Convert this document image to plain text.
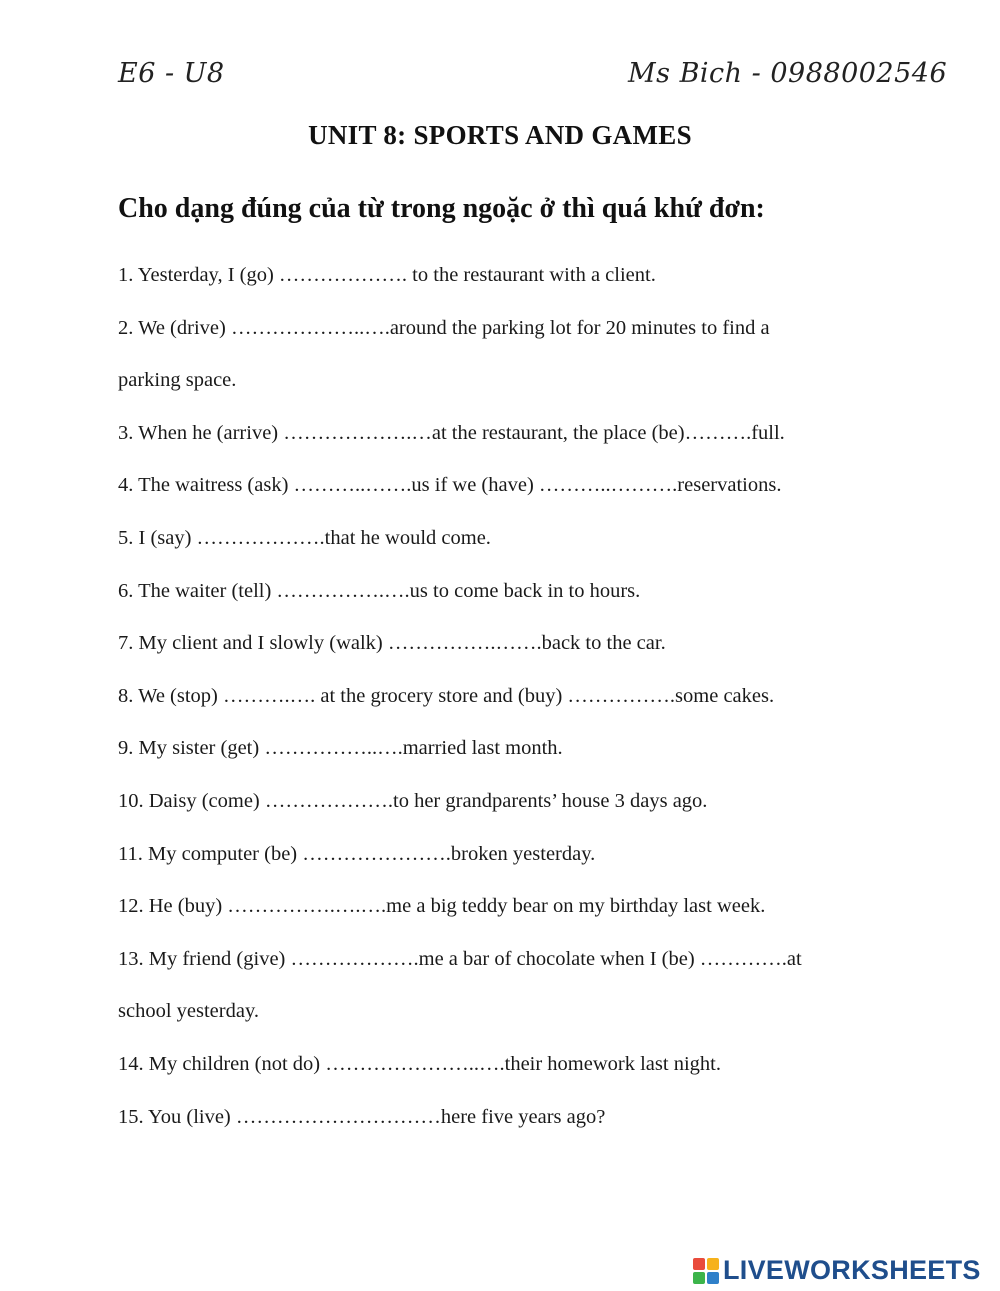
E6 - U8	Ms Bich - 0988002546
UNIT 8: SPORTS AND GAMES
Cho dạng đúng của từ trong ngoặc ở thì quá khứ đơn:
1. Yesterday, I (go) ………………. to the restaurant with a client.
2. We (drive) ………………..….around the parking lot for 20 minutes to find a
parking space.
3. When he (arrive) ……………….…at the restaurant, the place (be)……….full.
4. The waitress (ask) ………..…….us if we (have) ………..……….reservations.
5. I (say) ……………….that he would come.
6. The waiter (tell) …………….….us to come back in to hours.
7. My client and I slowly (walk) …………….…….back to the car.
8. We (stop) ……….…. at the grocery store and (buy) …………….some cakes.
9. My sister (get) ……………..….married last month.
10. Daisy (come) ……………….to her grandparents’ house 3 days ago.
11. My computer (be) ………………….broken yesterday.
12. He (buy) …………….….….me a big teddy bear on my birthday last week.
13. My friend (give) ……………….me a bar of chocolate when I (be) ………….at
school yesterday.
14. My children (not do) …………………..….their homework last night.
15. You (live) …………………………here five years ago?
LIVEWORKSHEETS
